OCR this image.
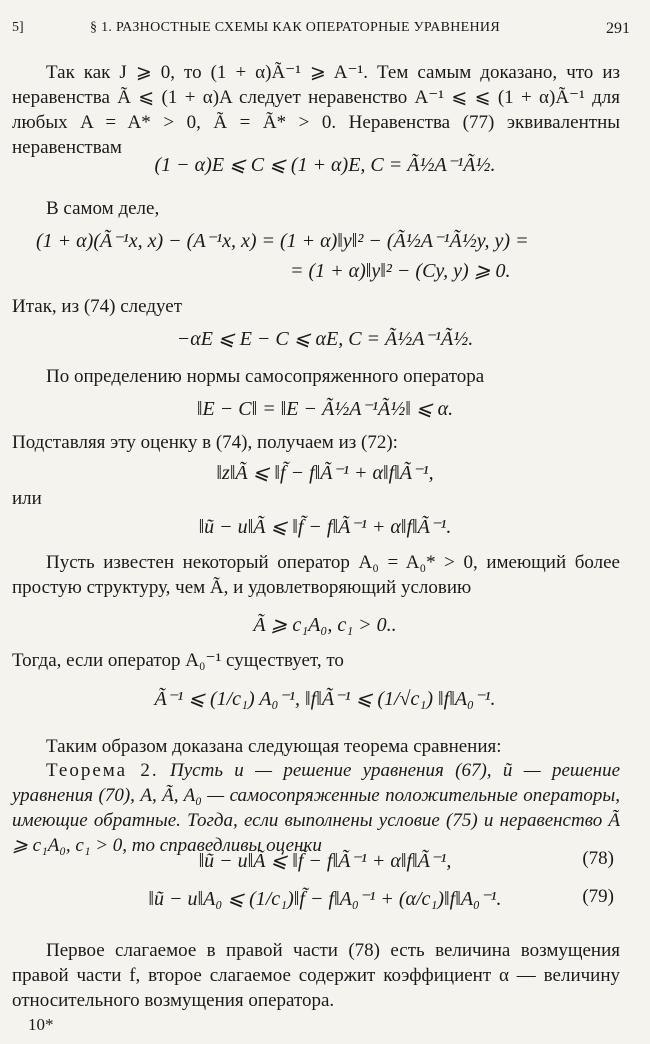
5]	§ 1. РАЗНОСТНЫЕ СХЕМЫ КАК ОПЕРАТОРНЫЕ УРАВНЕНИЯ	291
Так как J ⩾ 0, то (1 + α)Ã⁻¹ ⩾ A⁻¹. Тем самым доказано, что из неравенства Ã ⩽ (1 + α)A следует неравенство A⁻¹ ⩽ ⩽ (1 + α)Ã⁻¹ для любых A = A* > 0, Ã = Ã* > 0. Неравенства (77) эквивалентны неравенствам
(1 − α)E ⩽ C ⩽ (1 + α)E, C = Ã½A⁻¹Ã½.
В самом деле,
(1 + α)(Ã⁻¹x, x) − (A⁻¹x, x) = (1 + α)‖y‖² − (Ã½A⁻¹Ã½y, y) =
= (1 + α)‖y‖² − (Cy, y) ⩾ 0.
Итак, из (74) следует
−αE ⩽ E − C ⩽ αE, C = Ã½A⁻¹Ã½.
По определению нормы самосопряженного оператора
‖E − C‖ = ‖E − Ã½A⁻¹Ã½‖ ⩽ α.
Подставляя эту оценку в (74), получаем из (72):
‖z‖Ã ⩽ ‖f̃ − f‖Ã⁻¹ + α‖f‖Ã⁻¹,
или
‖ũ − u‖Ã ⩽ ‖f̃ − f‖Ã⁻¹ + α‖f‖Ã⁻¹.
Пусть известен некоторый оператор A₀ = A₀* > 0, имеющий более простую структуру, чем Ã, и удовлетворяющий условию
Ã ⩾ c₁A₀, c₁ > 0..
Тогда, если оператор A₀⁻¹ существует, то
Ã⁻¹ ⩽ (1/c₁) A₀⁻¹, ‖f‖Ã⁻¹ ⩽ (1/√c₁) ‖f‖A₀⁻¹.
Таким образом доказана следующая теорема сравнения:
Теорема 2. Пусть u — решение уравнения (67), ũ — решение уравнения (70), A, Ã, A₀ — самосопряженные положительные операторы, имеющие обратные. Тогда, если выполнены условие (75) и неравенство Ã ⩾ c₁A₀, c₁ > 0, то справедливы оценки
‖ũ − u‖Ã ⩽ ‖f̃ − f‖Ã⁻¹ + α‖f‖Ã⁻¹,	(78)
‖ũ − u‖A₀ ⩽ (1/c₁)‖f̃ − f‖A₀⁻¹ + (α/c₁)‖f‖A₀⁻¹.	(79)
Первое слагаемое в правой части (78) есть величина возмущения правой части f, второе слагаемое содержит коэффициент α — величину относительного возмущения оператора.
10*
